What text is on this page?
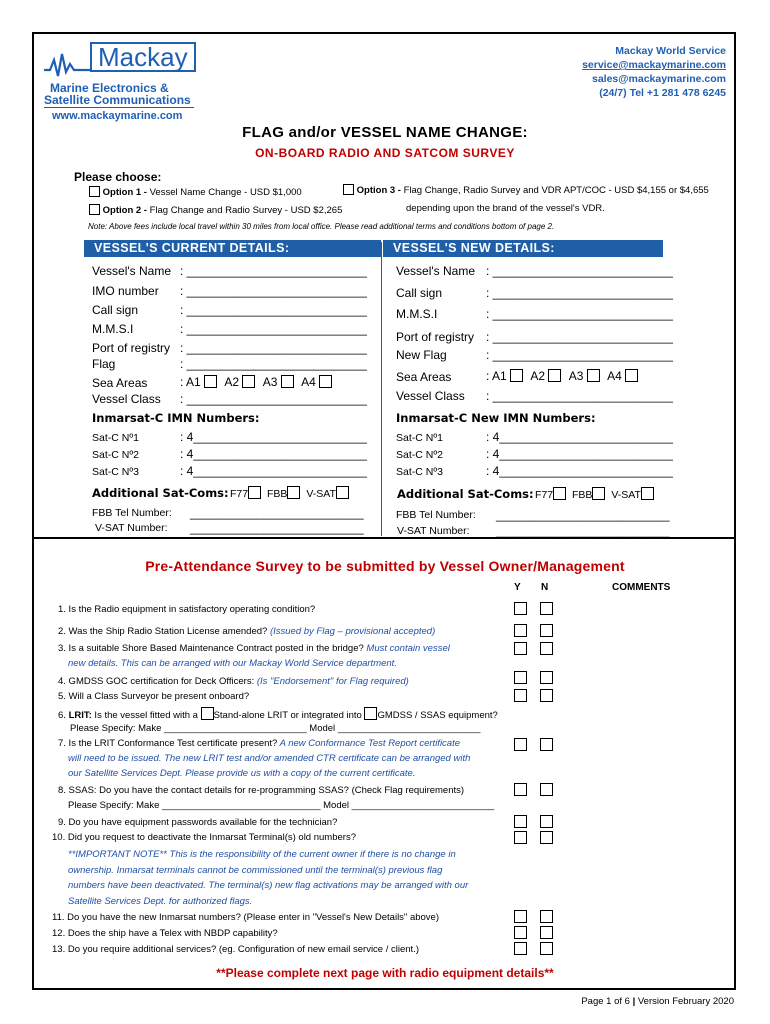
Mackay
Marine Electronics &
Satellite Communications
www.mackaymarine.com
Mackay World Service
service@mackaymarine.com
sales@mackaymarine.com
(24/7) Tel +1 281 478 6245
FLAG and/or VESSEL NAME CHANGE:
ON-BOARD RADIO AND SATCOM SURVEY
Please choose:
Option 1 - Vessel Name Change - USD $1,000
Option 2 - Flag Change and Radio Survey - USD $2,265
Option 3 - Flag Change, Radio Survey and VDR APT/COC - USD $4,155 or $4,655
depending upon the brand of the vessel's VDR.
Note: Above fees include local travel within 30 miles from local office. Please read additional terms and conditions bottom of page 2.
VESSEL'S CURRENT DETAILS:	VESSEL'S NEW DETAILS:
Vessel's Name : ___________________________
IMO number : ___________________________
Call sign	: ___________________________
M.M.S.I	: ___________________________
Port of registry : ___________________________
Flag	: ___________________________
Sea Areas	: A1 A2 A3 A4
Vessel Class : ___________________________
Inmarsat-C IMN Numbers:
Sat-C Nº1	: 4__________________________
Sat-C Nº2	: 4__________________________
Sat-C Nº3	: 4__________________________
Additional Sat-Coms: F77 FBB V-SAT
FBB Tel Number: __________________________
V-SAT Number: __________________________
Vessel's Name : ___________________________
Call sign	: ___________________________
M.M.S.I	: ___________________________
Port of registry : ___________________________
New Flag	: ___________________________
Sea Areas	: A1 A2 A3 A4
Vessel Class : ___________________________
Inmarsat-C New IMN Numbers:
Sat-C Nº1	: 4__________________________
Sat-C Nº2	: 4__________________________
Sat-C Nº3	: 4__________________________
Additional Sat-Coms: F77 FBB V-SAT
FBB Tel Number: __________________________
V-SAT Number: __________________________
Pre-Attendance Survey to be submitted by Vessel Owner/Management
Y N	COMMENTS
1. Is the Radio equipment in satisfactory operating condition?
2. Was the Ship Radio Station License amended? (Issued by Flag – provisional accepted)
3. Is a suitable Shore Based Maintenance Contract posted in the bridge? Must contain vessel
new details. This can be arranged with our Mackay World Service department.
4. GMDSS GOC certification for Deck Officers: (Is "Endorsement" for Flag required)
5. Will a Class Surveyor be present onboard?
6. LRIT: Is the vessel fitted with a Stand-alone LRIT or integrated into GMDSS / SSAS equipment?
Please Specify: Make ___________________________ Model ___________________________
7. Is the LRIT Conformance Test certificate present? A new Conformance Test Report certificate
will need to be issued. The new LRIT test and/or amended CTR certificate can be arranged with
our Satellite Services Dept. Please provide us with a copy of the current certificate.
8. SSAS: Do you have the contact details for re-programming SSAS? (Check Flag requirements)
Please Specify: Make ______________________________ Model ___________________________
9. Do you have equipment passwords available for the technician?
10. Did you request to deactivate the Inmarsat Terminal(s) old numbers?
**IMPORTANT NOTE** This is the responsibility of the current owner if there is no change in
ownership. Inmarsat terminals cannot be commissioned until the terminal(s) previous flag
numbers have been deactivated. The terminal(s) new flag activations may be arranged with our
Satellite Services Dept. for authorized flags.
11. Do you have the new Inmarsat numbers? (Please enter in "Vessel's New Details" above)
12. Does the ship have a Telex with NBDP capability?
13. Do you require additional services? (eg. Configuration of new email service / client.)
**Please complete next page with radio equipment details**
Page 1 of 6 | Version February 2020
